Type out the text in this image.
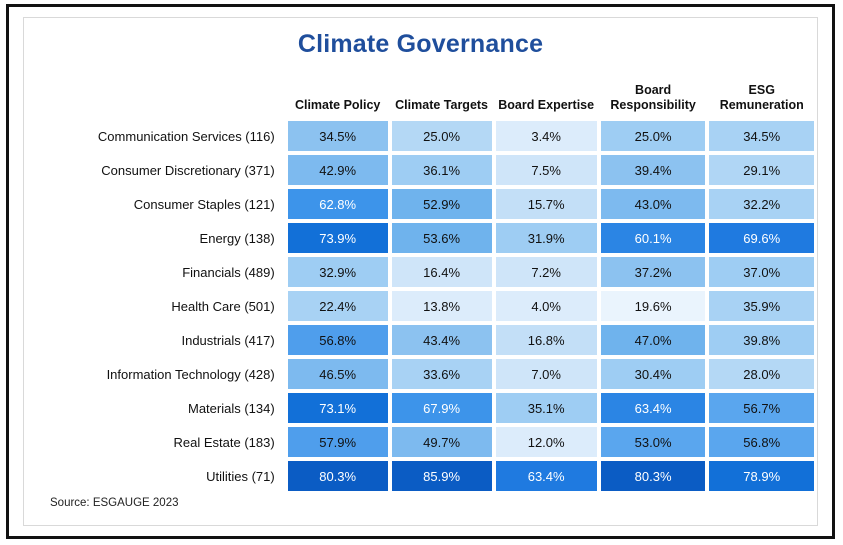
Climate Governance
	Climate Policy	Climate Targets	Board Expertise	Board Responsibility	ESG Remuneration
Communication Services (116)	34.5%	25.0%	3.4%	25.0%	34.5%
Consumer Discretionary (371)	42.9%	36.1%	7.5%	39.4%	29.1%
Consumer Staples (121)	62.8%	52.9%	15.7%	43.0%	32.2%
Energy (138)	73.9%	53.6%	31.9%	60.1%	69.6%
Financials (489)	32.9%	16.4%	7.2%	37.2%	37.0%
Health Care (501)	22.4%	13.8%	4.0%	19.6%	35.9%
Industrials (417)	56.8%	43.4%	16.8%	47.0%	39.8%
Information Technology (428)	46.5%	33.6%	7.0%	30.4%	28.0%
Materials (134)	73.1%	67.9%	35.1%	63.4%	56.7%
Real Estate (183)	57.9%	49.7%	12.0%	53.0%	56.8%
Utilities (71)	80.3%	85.9%	63.4%	80.3%	78.9%
Source: ESGAUGE 2023
